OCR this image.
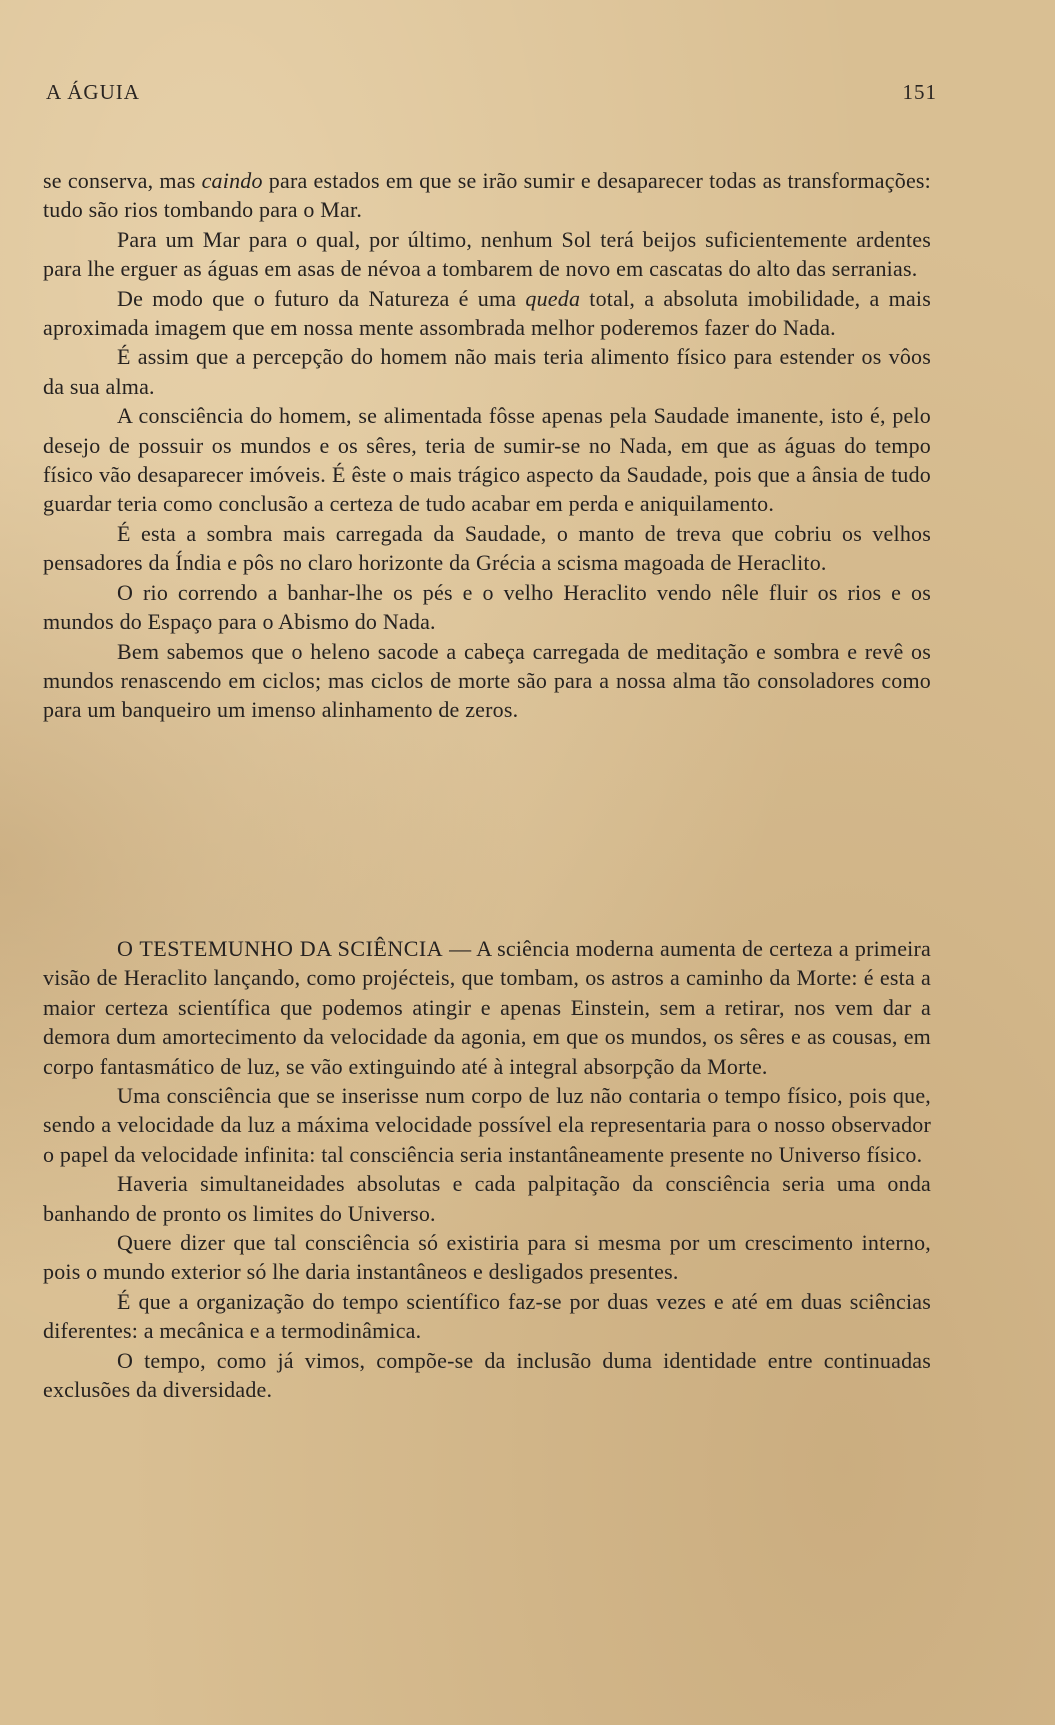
A ÁGUIA	151

se conserva, mas caindo para estados em que se irão sumir e desaparecer todas as transformações: tudo são rios tombando para o Mar.

Para um Mar para o qual, por último, nenhum Sol terá beijos suficientemente ardentes para lhe erguer as águas em asas de névoa a tombarem de novo em cascatas do alto das serranias.

De modo que o futuro da Natureza é uma queda total, a absoluta imobilidade, a mais aproximada imagem que em nossa mente assombrada melhor poderemos fazer do Nada.

É assim que a percepção do homem não mais teria alimento físico para estender os vôos da sua alma.

A consciência do homem, se alimentada fôsse apenas pela Saudade imanente, isto é, pelo desejo de possuir os mundos e os sêres, teria de sumir-se no Nada, em que as águas do tempo físico vão desaparecer imóveis. É êste o mais trágico aspecto da Saudade, pois que a ânsia de tudo guardar teria como conclusão a certeza de tudo acabar em perda e aniquilamento.

É esta a sombra mais carregada da Saudade, o manto de treva que cobriu os velhos pensadores da Índia e pôs no claro horizonte da Grécia a scisma magoada de Heraclito.

O rio correndo a banhar-lhe os pés e o velho Heraclito vendo nêle fluir os rios e os mundos do Espaço para o Abismo do Nada.

Bem sabemos que o heleno sacode a cabeça carregada de meditação e sombra e revê os mundos renascendo em ciclos; mas ciclos de morte são para a nossa alma tão consoladores como para um banqueiro um imenso alinhamento de zeros.

O TESTEMUNHO DA SCIÊNCIA — A sciência moderna aumenta de certeza a primeira visão de Heraclito lançando, como projécteis, que tombam, os astros a caminho da Morte: é esta a maior certeza scientífica que podemos atingir e apenas Einstein, sem a retirar, nos vem dar a demora dum amortecimento da velocidade da agonia, em que os mundos, os sêres e as cousas, em corpo fantasmático de luz, se vão extinguindo até à integral absorpção da Morte.

Uma consciência que se inserisse num corpo de luz não contaria o tempo físico, pois que, sendo a velocidade da luz a máxima velocidade possível ela representaria para o nosso observador o papel da velocidade infinita: tal consciência seria instantâneamente presente no Universo físico.

Haveria simultaneidades absolutas e cada palpitação da consciência seria uma onda banhando de pronto os limites do Universo.

Quere dizer que tal consciência só existiria para si mesma por um crescimento interno, pois o mundo exterior só lhe daria instantâneos e desligados presentes.

É que a organização do tempo scientífico faz-se por duas vezes e até em duas sciências diferentes: a mecânica e a termodinâmica.

O tempo, como já vimos, compõe-se da inclusão duma identidade entre continuadas exclusões da diversidade.
